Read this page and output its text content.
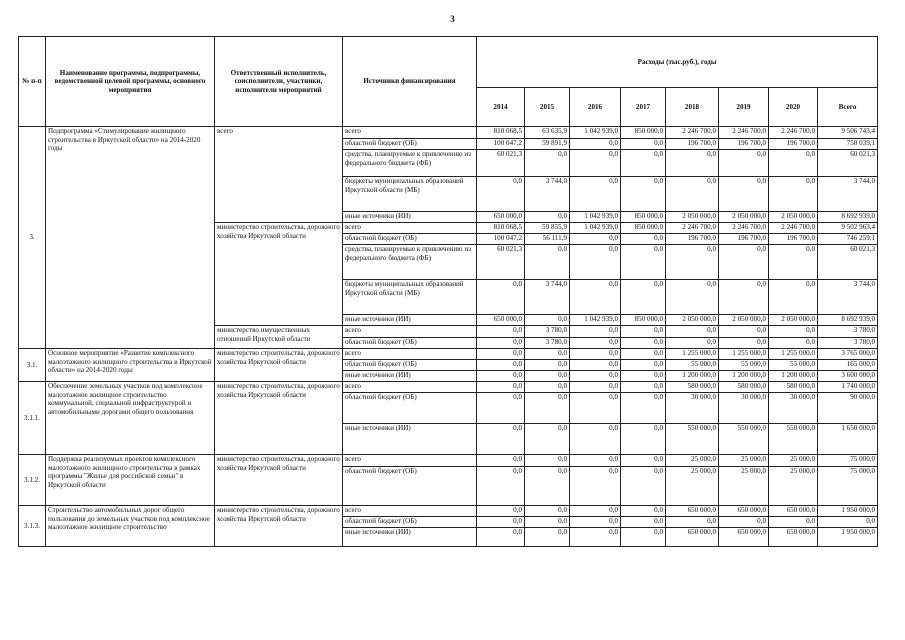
3
№ п-п	Наименование программы, подпрограммы, ведомственной целевой программы, основного мероприятия	Ответственный исполнитель, соисполнители, участники, исполнители мероприятий	Источники финансирования	Расходы (тыс.руб.), годы							
				2014	2015	2016	2017	2018	2019	2020	Всего
3.	Подпрограмма «Стимулирование жилищного строительства в Иркутской области» на 2014-2020 годы	всего	всего	810 068,5	63 635,9	1 042 939,0	850 000,0	2 246 700,0	2 246 700,0	2 246 700,0	9 506 743,4
			областной бюджет (ОБ)	100 047,2	59 891,9	0,0	0,0	196 700,0	196 700,0	196 700,0	750 039,1
			средства, планируемые к привлечению из федерального бюджета (ФБ)	60 021,3	0,0	0,0	0,0	0,0	0,0	0,0	60 021,3
			бюджеты муниципальных образований Иркутской области (МБ)	0,0	3 744,0	0,0	0,0	0,0	0,0	0,0	3 744,0
			иные источники (ИИ)	650 000,0	0,0	1 042 939,0	850 000,0	2 050 000,0	2 050 000,0	2 050 000,0	8 692 939,0
		министерство строительства, дорожного хозяйства Иркутской области	всего	810 068,5	59 855,9	1 042 939,0	850 000,0	2 246 700,0	2 246 700,0	2 246 700,0	9 502 963,4
			областной бюджет (ОБ)	100 047,2	56 111,9	0,0	0,0	196 700,0	196 700,0	196 700,0	746 259,1
			средства, планируемые к привлечению из федерального бюджета (ФБ)	60 021,3	0,0	0,0	0,0	0,0	0,0	0,0	60 021,3
			бюджеты муниципальных образований Иркутской области (МБ)	0,0	3 744,0	0,0	0,0	0,0	0,0	0,0	3 744,0
			иные источники (ИИ)	650 000,0	0,0	1 042 939,0	850 000,0	2 050 000,0	2 050 000,0	2 050 000,0	8 692 939,0
		министерство имущественных отношений Иркутской области	всего	0,0	3 780,0	0,0	0,0	0,0	0,0	0,0	3 780,0
			областной бюджет (ОБ)	0,0	3 780,0	0,0	0,0	0,0	0,0	0,0	3 780,0
3.1.	Основное мероприятие «Развитие комплексного малоэтажного жилищного строительства в Иркутской области» на 2014-2020 годы	министерство строительства, дорожного хозяйства Иркутской области	всего	0,0	0,0	0,0	0,0	1 255 000,0	1 255 000,0	1 255 000,0	3 765 000,0
			областной бюджет (ОБ)	0,0	0,0	0,0	0,0	55 000,0	55 000,0	55 000,0	165 000,0
			иные источники (ИИ)	0,0	0,0	0,0	0,0	1 200 000,0	1 200 000,0	1 200 000,0	3 600 000,0
3.1.1.	Обеспечение земельных участков под комплексное малоэтажное жилищное строительство коммунальной, социальной инфраструктурой и автомобильными дорогами общего пользования	министерство строительства, дорожного хозяйства Иркутской области	всего	0,0	0,0	0,0	0,0	580 000,0	580 000,0	580 000,0	1 740 000,0
			областной бюджет (ОБ)	0,0	0,0	0,0	0,0	30 000,0	30 000,0	30 000,0	90 000,0
			иные источники (ИИ)	0,0	0,0	0,0	0,0	550 000,0	550 000,0	550 000,0	1 650 000,0
3.1.2.	Поддержка реализуемых проектов комплексного малоэтажного жилищного строительства в рамках программы "Жилье для российской семьи" в Иркутской области	министерство строительства, дорожного хозяйства Иркутской области	всего	0,0	0,0	0,0	0,0	25 000,0	25 000,0	25 000,0	75 000,0
			областной бюджет (ОБ)	0,0	0,0	0,0	0,0	25 000,0	25 000,0	25 000,0	75 000,0
3.1.3.	Строительство автомобильных дорог общего пользования до земельных участков под комплексное малоэтажное жилищное строительство	министерство строительства, дорожного хозяйства Иркутской области	всего	0,0	0,0	0,0	0,0	650 000,0	650 000,0	650 000,0	1 950 000,0
			областной бюджет (ОБ)	0,0	0,0	0,0	0,0	0,0	0,0	0,0	0,0
			иные источники (ИИ)	0,0	0,0	0,0	0,0	650 000,0	650 000,0	650 000,0	1 950 000,0
